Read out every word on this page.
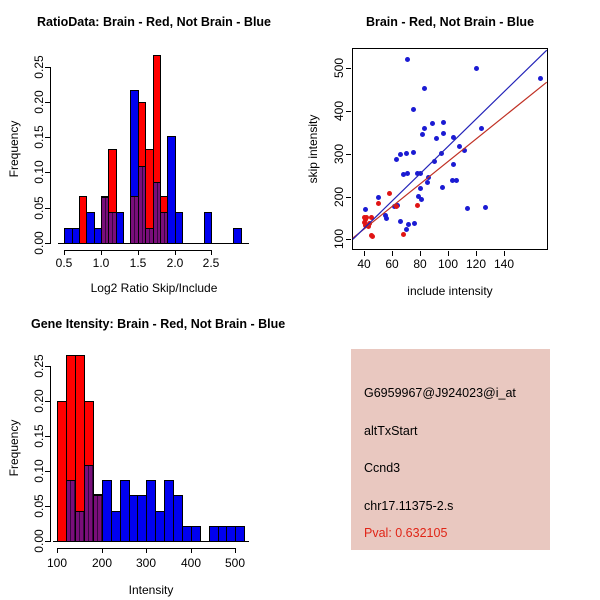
RatioData: Brain - Red, Not Brain - Blue	Brain - Red, Not Brain - Blue
Gene Itensity: Brain - Red, Not Brain - Blue
Frequency
Log2 Ratio Skip/Include
skip intensity
include intensity
Frequency
Intensity
0.5	1.0	1.5	2.0	2.5
0.00
0.05
0.10
0.15
0.20
0.25
40	60	80 100 120 140
100
200
300
400
500
100	200	300	400	500
0.00
0.05
0.10
0.15
0.20
0.25
G6959967@J924023@i_at
altTxStart
Ccnd3
chr17.11375-2.s
Pval: 0.632105
